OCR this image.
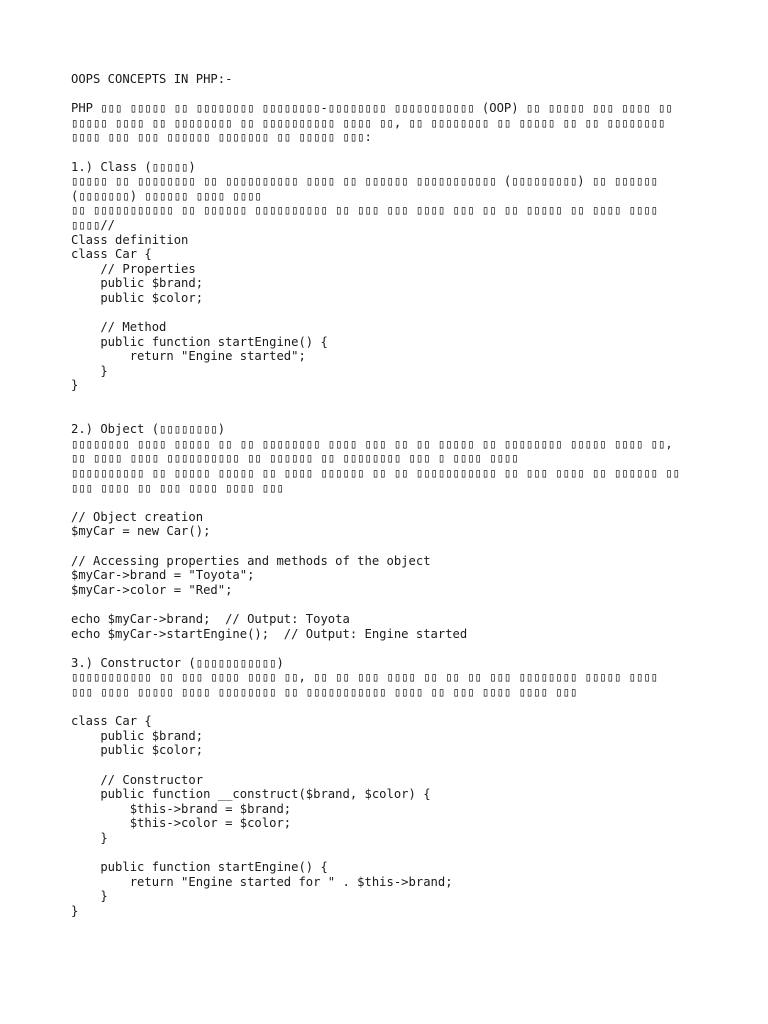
OOPS CONCEPTS IN PHP:-
PHP ▯▯▯ ▯▯▯▯▯ ▯▯ ▯▯▯▯▯▯▯▯ ▯▯▯▯▯▯▯▯-▯▯▯▯▯▯▯▯ ▯▯▯▯▯▯▯▯▯▯▯ (OOP) ▯▯ ▯▯▯▯▯ ▯▯▯ ▯▯▯▯ ▯▯
▯▯▯▯▯ ▯▯▯▯ ▯▯ ▯▯▯▯▯▯▯▯ ▯▯ ▯▯▯▯▯▯▯▯▯▯ ▯▯▯▯ ▯▯, ▯▯ ▯▯▯▯▯▯▯▯ ▯▯ ▯▯▯▯▯ ▯▯ ▯▯ ▯▯▯▯▯▯▯▯
▯▯▯▯ ▯▯▯ ▯▯▯ ▯▯▯▯▯▯ ▯▯▯▯▯▯▯ ▯▯ ▯▯▯▯▯ ▯▯▯:
1.) Class (▯▯▯▯▯)
▯▯▯▯▯ ▯▯ ▯▯▯▯▯▯▯▯ ▯▯ ▯▯▯▯▯▯▯▯▯▯ ▯▯▯▯ ▯▯ ▯▯▯▯▯▯ ▯▯▯▯▯▯▯▯▯▯▯ (▯▯▯▯▯▯▯▯▯) ▯▯ ▯▯▯▯▯▯
(▯▯▯▯▯▯▯) ▯▯▯▯▯▯ ▯▯▯▯ ▯▯▯▯
▯▯ ▯▯▯▯▯▯▯▯▯▯▯ ▯▯ ▯▯▯▯▯▯ ▯▯▯▯▯▯▯▯▯▯ ▯▯ ▯▯▯ ▯▯▯ ▯▯▯▯ ▯▯▯ ▯▯ ▯▯ ▯▯▯▯▯ ▯▯ ▯▯▯▯ ▯▯▯▯
▯▯▯▯//
Class definition
class Car {
// Properties
public $brand;
public $color;
// Method
public function startEngine() {
return "Engine started";
}
}
2.) Object (▯▯▯▯▯▯▯▯)
▯▯▯▯▯▯▯▯ ▯▯▯▯ ▯▯▯▯▯ ▯▯ ▯▯ ▯▯▯▯▯▯▯▯ ▯▯▯▯ ▯▯▯ ▯▯ ▯▯ ▯▯▯▯▯ ▯▯ ▯▯▯▯▯▯▯▯ ▯▯▯▯▯ ▯▯▯▯ ▯▯,
▯▯ ▯▯▯▯ ▯▯▯▯ ▯▯▯▯▯▯▯▯▯▯ ▯▯ ▯▯▯▯▯▯ ▯▯ ▯▯▯▯▯▯▯▯ ▯▯▯ ▯ ▯▯▯▯ ▯▯▯▯
▯▯▯▯▯▯▯▯▯▯ ▯▯ ▯▯▯▯▯ ▯▯▯▯▯ ▯▯ ▯▯▯▯ ▯▯▯▯▯▯ ▯▯ ▯▯ ▯▯▯▯▯▯▯▯▯▯▯ ▯▯ ▯▯▯ ▯▯▯▯ ▯▯ ▯▯▯▯▯▯ ▯▯
▯▯▯ ▯▯▯▯ ▯▯ ▯▯▯ ▯▯▯▯ ▯▯▯▯ ▯▯▯
// Object creation
$myCar = new Car();
// Accessing properties and methods of the object
$myCar->brand = "Toyota";
$myCar->color = "Red";
echo $myCar->brand;  // Output: Toyota
echo $myCar->startEngine();  // Output: Engine started
3.) Constructor (▯▯▯▯▯▯▯▯▯▯▯)
▯▯▯▯▯▯▯▯▯▯▯ ▯▯ ▯▯▯ ▯▯▯▯ ▯▯▯▯ ▯▯, ▯▯ ▯▯ ▯▯▯ ▯▯▯▯ ▯▯ ▯▯ ▯▯ ▯▯▯ ▯▯▯▯▯▯▯▯ ▯▯▯▯▯ ▯▯▯▯
▯▯▯ ▯▯▯▯ ▯▯▯▯▯ ▯▯▯▯ ▯▯▯▯▯▯▯▯ ▯▯ ▯▯▯▯▯▯▯▯▯▯▯ ▯▯▯▯ ▯▯ ▯▯▯ ▯▯▯▯ ▯▯▯▯ ▯▯▯
class Car {
public $brand;
public $color;
// Constructor
public function __construct($brand, $color) {
$this->brand = $brand;
$this->color = $color;
}
public function startEngine() {
return "Engine started for " . $this->brand;
}
}
